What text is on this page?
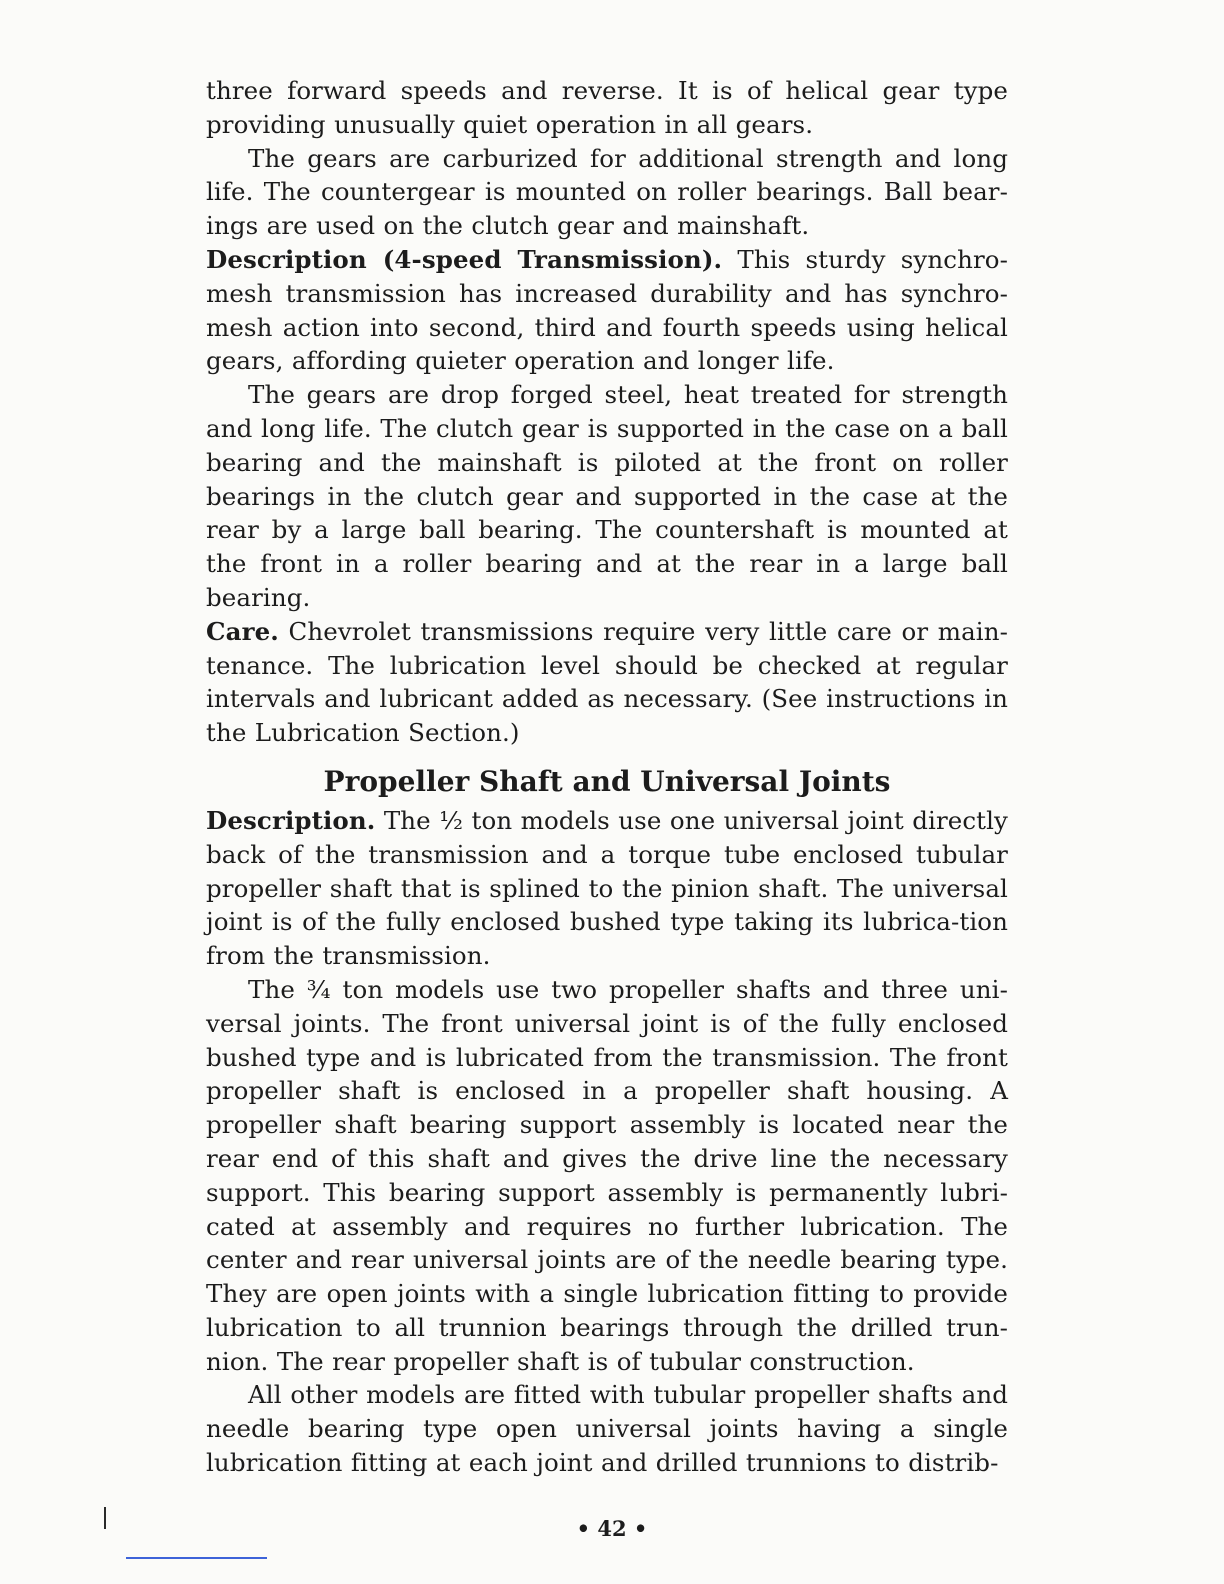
three forward speeds and reverse. It is of helical gear type providing unusually quiet operation in all gears.

The gears are carburized for additional strength and long life. The countergear is mounted on roller bearings. Ball bear-ings are used on the clutch gear and mainshaft.

Description (4-speed Transmission). This sturdy synchro-mesh transmission has increased durability and has synchro-mesh action into second, third and fourth speeds using helical gears, affording quieter operation and longer life.

The gears are drop forged steel, heat treated for strength and long life. The clutch gear is supported in the case on a ball bearing and the mainshaft is piloted at the front on roller bearings in the clutch gear and supported in the case at the rear by a large ball bearing. The countershaft is mounted at the front in a roller bearing and at the rear in a large ball bearing.

Care. Chevrolet transmissions require very little care or main-tenance. The lubrication level should be checked at regular intervals and lubricant added as necessary. (See instructions in the Lubrication Section.)

Propeller Shaft and Universal Joints

Description. The ½ ton models use one universal joint directly back of the transmission and a torque tube enclosed tubular propeller shaft that is splined to the pinion shaft. The universal joint is of the fully enclosed bushed type taking its lubrica-tion from the transmission.

The ¾ ton models use two propeller shafts and three uni-versal joints. The front universal joint is of the fully enclosed bushed type and is lubricated from the transmission. The front propeller shaft is enclosed in a propeller shaft housing. A propeller shaft bearing support assembly is located near the rear end of this shaft and gives the drive line the necessary support. This bearing support assembly is permanently lubri-cated at assembly and requires no further lubrication. The center and rear universal joints are of the needle bearing type. They are open joints with a single lubrication fitting to provide lubrication to all trunnion bearings through the drilled trun-nion. The rear propeller shaft is of tubular construction.

All other models are fitted with tubular propeller shafts and needle bearing type open universal joints having a single lubrication fitting at each joint and drilled trunnions to distrib-

• 42 •
